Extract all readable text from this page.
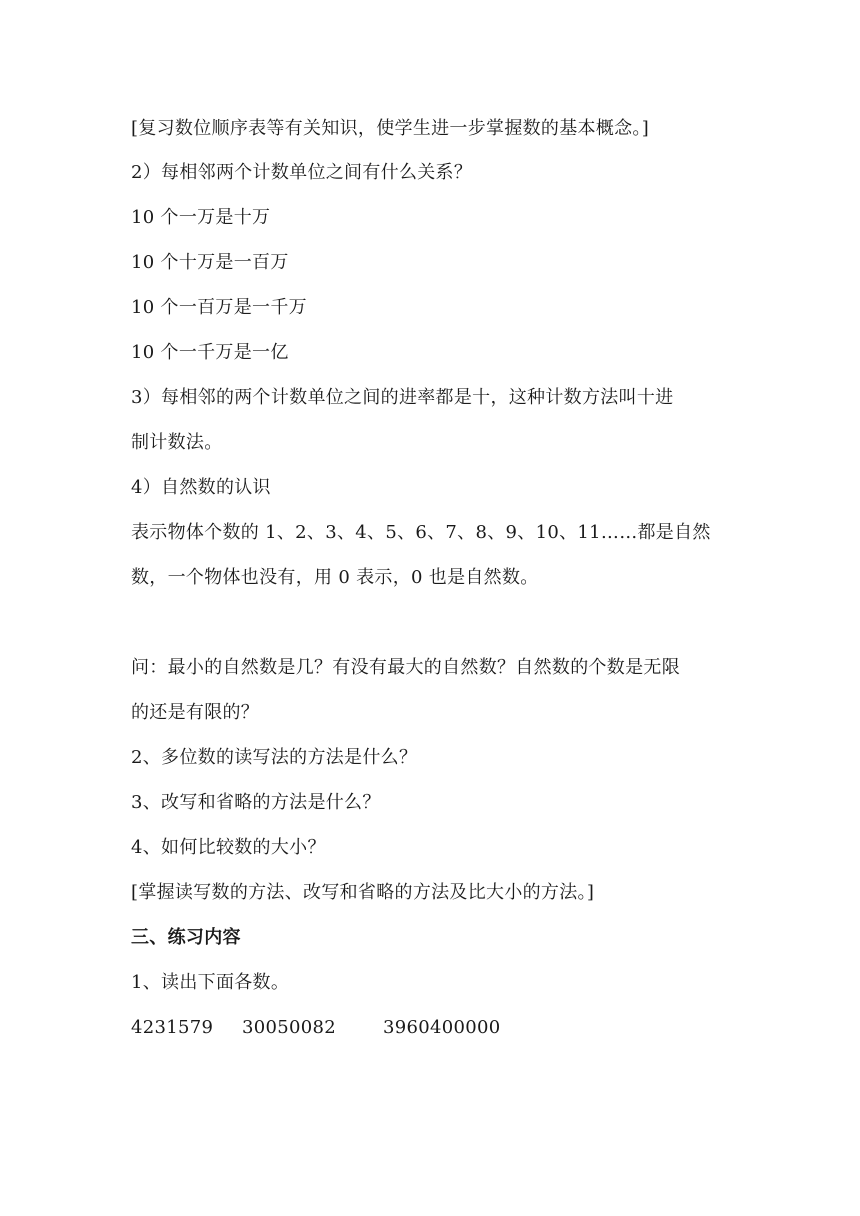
[复习数位顺序表等有关知识，使学生进一步掌握数的基本概念。]
2）每相邻两个计数单位之间有什么关系？
10 个一万是十万
10 个十万是一百万
10 个一百万是一千万
10 个一千万是一亿
3）每相邻的两个计数单位之间的进率都是十，这种计数方法叫十进
制计数法。
4）自然数的认识
表示物体个数的 1、2、3、4、5、6、7、8、9、10、11……都是自然
数，一个物体也没有，用 0 表示，0 也是自然数。
问：最小的自然数是几？有没有最大的自然数？自然数的个数是无限
的还是有限的？
2、多位数的读写法的方法是什么？
3、改写和省略的方法是什么？
4、如何比较数的大小？
[掌握读写数的方法、改写和省略的方法及比大小的方法。]
三、练习内容
1、读出下面各数。
4231579 30050082	3960400000
